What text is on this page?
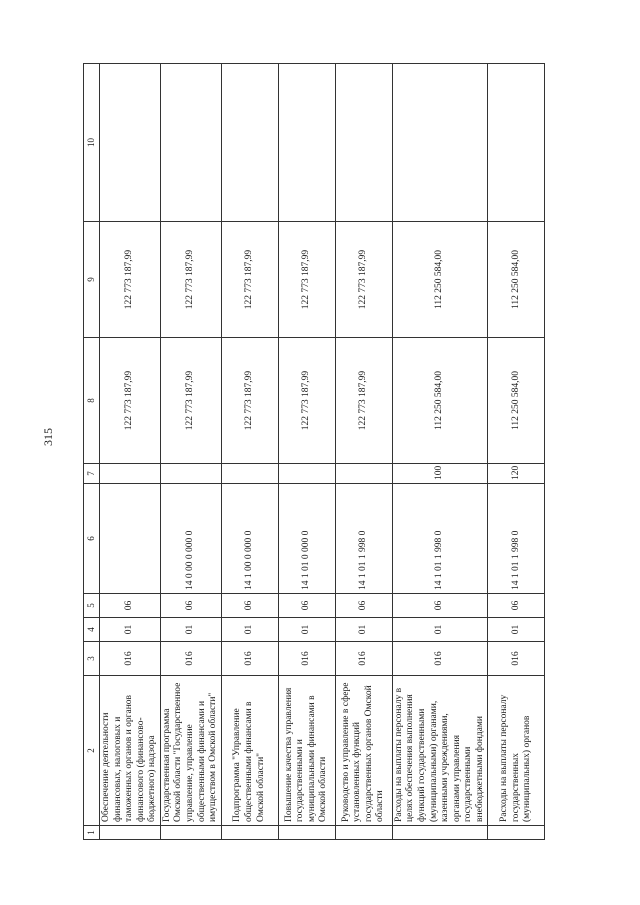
315
1	2	3	4	5	6	7	8	9	10
	Обеспечение деятельности финансовых, налоговых и таможенных органов и органов финансового (финансово-бюджетного) надзора	016	01	06			122 773 187,99	122 773 187,99	
	Государственная программа Омской области "Государственное управление, управление общественными финансами и имуществом в Омской области"	016	01	06	14 0 00 0 000 0		122 773 187,99	122 773 187,99	
	Подпрограмма "Управление общественными финансами в Омской области"	016	01	06	14 1 00 0 000 0		122 773 187,99	122 773 187,99	
	Повышение качества управления государственными и муниципальными финансами в Омской области	016	01	06	14 1 01 0 000 0		122 773 187,99	122 773 187,99	
	Руководство и управление в сфере установленных функций государственных органов Омской области	016	01	06	14 1 01 1 998 0		122 773 187,99	122 773 187,99	
	Расходы на выплаты персоналу в целях обеспечения выполнения функций государственными (муниципальными) органами, казенными учреждениями, органами управления государственными внебюджетными фондами	016	01	06	14 1 01 1 998 0	100	112 250 584,00	112 250 584,00	
	Расходы на выплаты персоналу государственных (муниципальных) органов	016	01	06	14 1 01 1 998 0	120	112 250 584,00	112 250 584,00	
